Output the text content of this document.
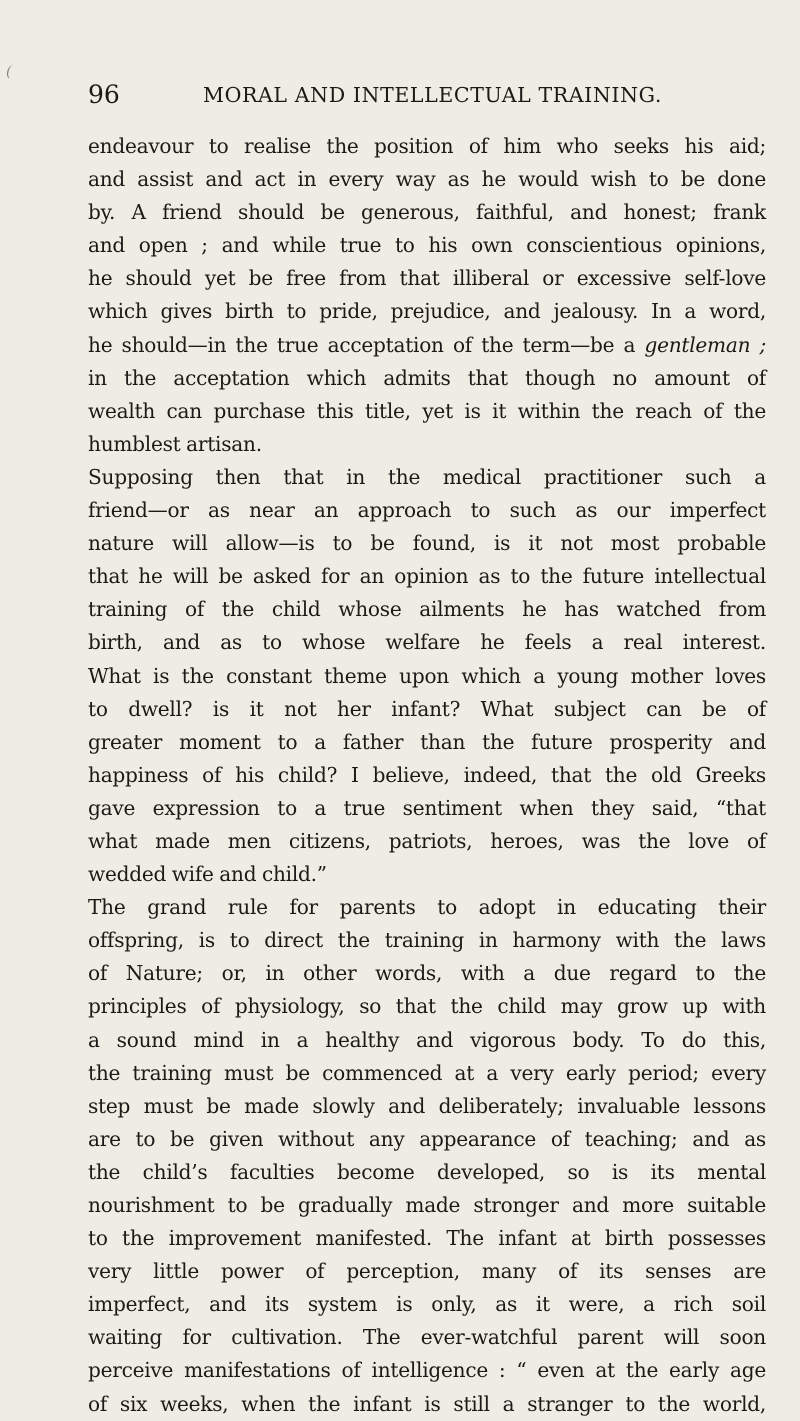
(
96	MORAL AND INTELLECTUAL TRAINING.
endeavour to realise the position of him who seeks his aid;
and assist and act in every way as he would wish to be done
by. A friend should be generous, faithful, and honest; frank
and open ; and while true to his own conscientious opinions,
he should yet be free from that illiberal or excessive self-love
which gives birth to pride, prejudice, and jealousy. In a word,
he should—in the true acceptation of the term—be a gentleman ;
in the acceptation which admits that though no amount of
wealth can purchase this title, yet is it within the reach of the
humblest artisan.
Supposing then that in the medical practitioner such a
friend—or as near an approach to such as our imperfect
nature will allow—is to be found, is it not most probable
that he will be asked for an opinion as to the future intellectual
training of the child whose ailments he has watched from
birth, and as to whose welfare he feels a real interest.
What is the constant theme upon which a young mother loves
to dwell? is it not her infant? What subject can be of
greater moment to a father than the future prosperity and
happiness of his child? I believe, indeed, that the old Greeks
gave expression to a true sentiment when they said, “that
what made men citizens, patriots, heroes, was the love of
wedded wife and child.”
The grand rule for parents to adopt in educating their
offspring, is to direct the training in harmony with the laws
of Nature; or, in other words, with a due regard to the
principles of physiology, so that the child may grow up with
a sound mind in a healthy and vigorous body. To do this,
the training must be commenced at a very early period; every
step must be made slowly and deliberately; invaluable lessons
are to be given without any appearance of teaching; and as
the child’s faculties become developed, so is its mental
nourishment to be gradually made stronger and more suitable
to the improvement manifested. The infant at birth possesses
very little power of perception, many of its senses are
imperfect, and its system is only, as it were, a rich soil
waiting for cultivation. The ever-watchful parent will soon
perceive manifestations of intelligence : “ even at the early age
of six weeks, when the infant is still a stranger to the world,
